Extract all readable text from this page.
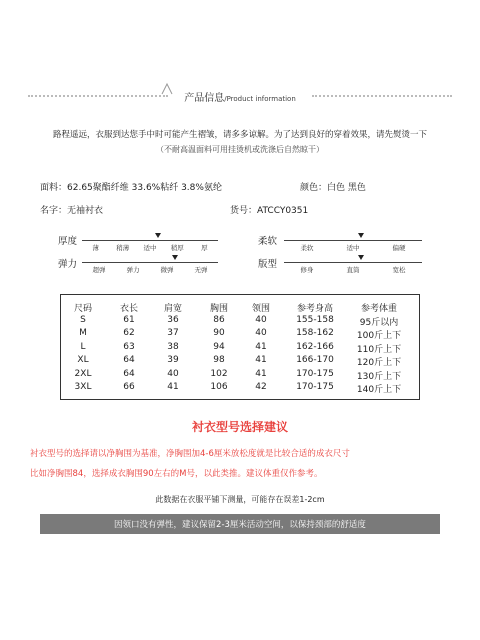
产品信息/Product information
路程遥远，衣服到达您手中时可能产生褶皱，请多多谅解。为了达到良好的穿着效果，请先熨烫一下
（不耐高温面料可用挂烫机或洗涤后自然晾干）
面料：62.65聚酯纤维 33.6%粘纤 3.8%氨纶	颜色：白色 黑色
名字：无袖衬衣	货号：ATCCY0351
厚度
薄	稍薄	适中	稍厚	厚
弹力	超弹	弹力	微弹	无弹
柔软
柔软	适中	偏硬
版型	修身	直筒	宽松
尺码	衣长	肩宽	胸围	领围	参考身高	参考体重
S	61	36	86	40	155-158	95斤以内
M	62	37	90	40	158-162	100斤上下
L	63	38	94	41	162-166	110斤上下
XL	64	39	98	41	166-170	120斤上下
2XL	64	40	102	41	170-175	130斤上下
3XL	66	41	106	42	170-175	140斤上下
衬衣型号选择建议
衬衣型号的选择请以净胸围为基准，净胸围加4-6厘米放松度就是比较合适的成衣尺寸
比如净胸围84，选择成衣胸围90左右的M号，以此类推。建议体重仅作参考。
此数据在衣服平铺下测量，可能存在误差1-2cm
因领口没有弹性，建议保留2-3厘米活动空间，以保持颈部的舒适度
